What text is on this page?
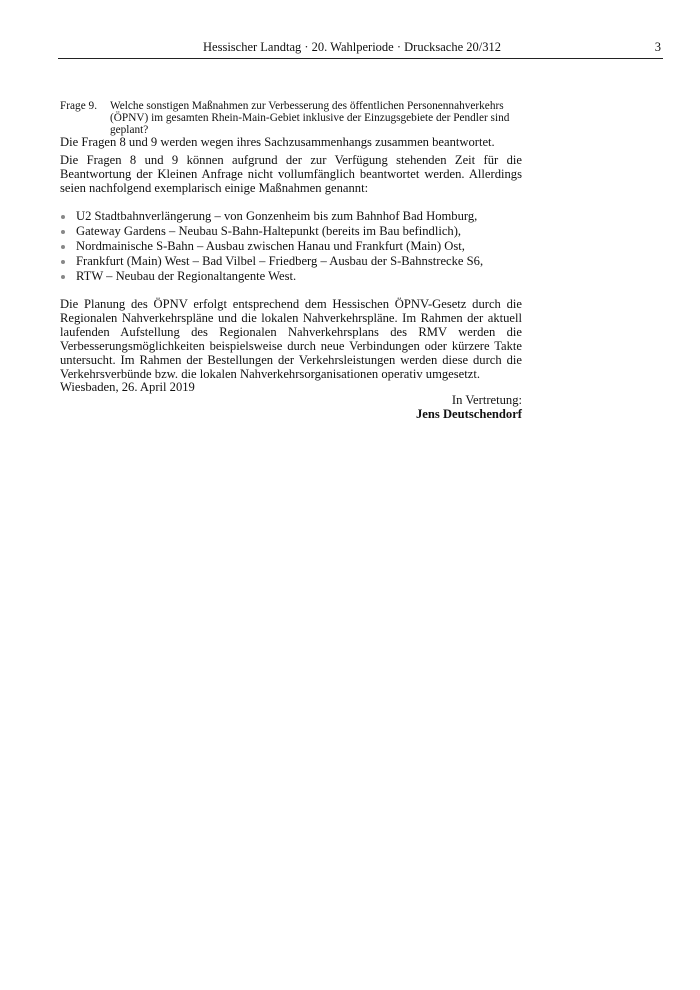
Hessischer Landtag · 20. Wahlperiode · Drucksache 20/312	3
Frage 9. Welche sonstigen Maßnahmen zur Verbesserung des öffentlichen Personennahverkehrs (ÖPNV) im gesamten Rhein-Main-Gebiet inklusive der Einzugsgebiete der Pendler sind geplant?

Die Fragen 8 und 9 werden wegen ihres Sachzusammenhangs zusammen beantwortet.

Die Fragen 8 und 9 können aufgrund der zur Verfügung stehenden Zeit für die Beantwortung der Kleinen Anfrage nicht vollumfänglich beantwortet werden. Allerdings seien nachfolgend exemplarisch einige Maßnahmen genannt:

U2 Stadtbahnverlängerung – von Gonzenheim bis zum Bahnhof Bad Homburg,
Gateway Gardens – Neubau S-Bahn-Haltepunkt (bereits im Bau befindlich),
Nordmainische S-Bahn – Ausbau zwischen Hanau und Frankfurt (Main) Ost,
Frankfurt (Main) West – Bad Vilbel – Friedberg – Ausbau der S-Bahnstrecke S6,
RTW – Neubau der Regionaltangente West.

Die Planung des ÖPNV erfolgt entsprechend dem Hessischen ÖPNV-Gesetz durch die Regionalen Nahverkehrspläne und die lokalen Nahverkehrspläne. Im Rahmen der aktuell laufenden Aufstellung des Regionalen Nahverkehrsplans des RMV werden die Verbesserungsmöglichkeiten beispielsweise durch neue Verbindungen oder kürzere Takte untersucht. Im Rahmen der Bestellungen der Verkehrsleistungen werden diese durch die Verkehrsverbünde bzw. die lokalen Nahverkehrsorganisationen operativ umgesetzt.

Wiesbaden, 26. April 2019
In Vertretung:
Jens Deutschendorf
